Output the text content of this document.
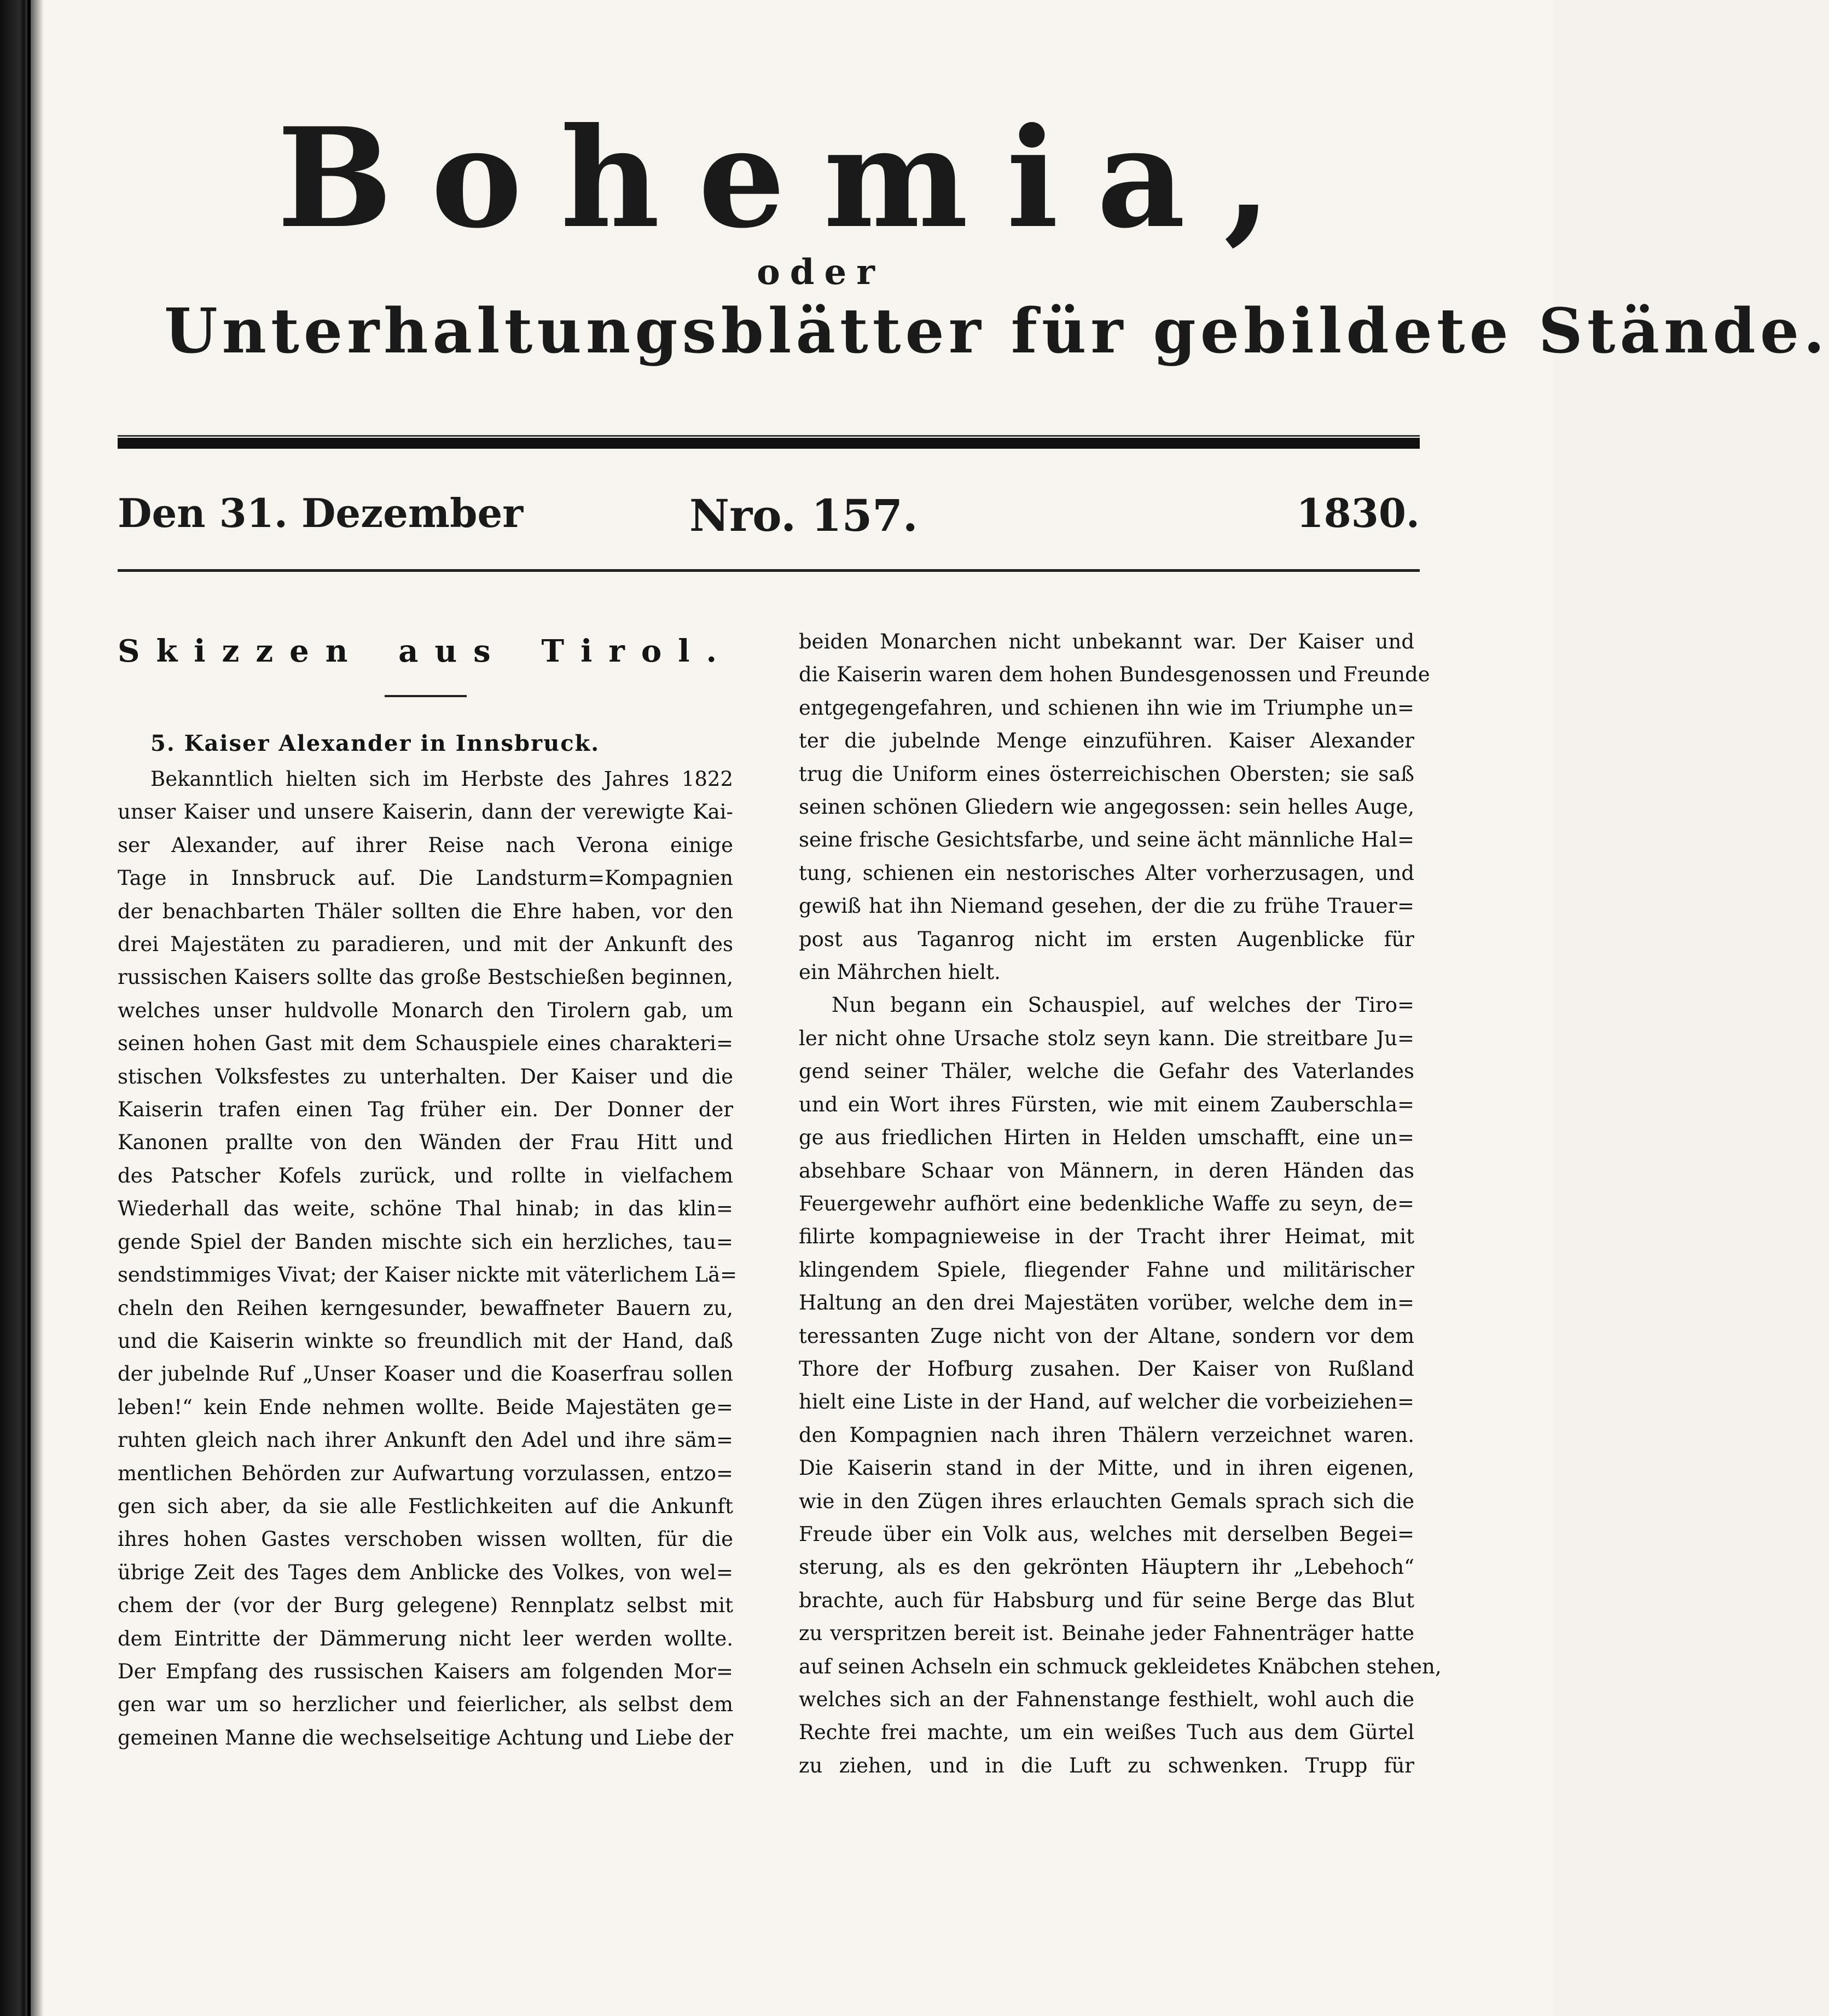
Bohemia,
oder
Unterhaltungsblätter für gebildete Stände.
Den 31. Dezember	Nro. 157.	1830.
Skizzen aus Tirol.
5. Kaiser Alexander in Innsbruck.
Bekanntlich hielten sich im Herbste des Jahres 1822
unser Kaiser und unsere Kaiserin, dann der verewigte Kai-
ser Alexander, auf ihrer Reise nach Verona einige
Tage in Innsbruck auf. Die Landsturm=Kompagnien
der benachbarten Thäler sollten die Ehre haben, vor den
drei Majestäten zu paradieren, und mit der Ankunft des
russischen Kaisers sollte das große Bestschießen beginnen,
welches unser huldvolle Monarch den Tirolern gab, um
seinen hohen Gast mit dem Schauspiele eines charakteri=
stischen Volksfestes zu unterhalten. Der Kaiser und die
Kaiserin trafen einen Tag früher ein. Der Donner der
Kanonen prallte von den Wänden der Frau Hitt und
des Patscher Kofels zurück, und rollte in vielfachem
Wiederhall das weite, schöne Thal hinab; in das klin=
gende Spiel der Banden mischte sich ein herzliches, tau=
sendstimmiges Vivat; der Kaiser nickte mit väterlichem Lä=
cheln den Reihen kerngesunder, bewaffneter Bauern zu,
und die Kaiserin winkte so freundlich mit der Hand, daß
der jubelnde Ruf „Unser Koaser und die Koaserfrau sollen
leben!“ kein Ende nehmen wollte. Beide Majestäten ge=
ruhten gleich nach ihrer Ankunft den Adel und ihre säm=
mentlichen Behörden zur Aufwartung vorzulassen, entzo=
gen sich aber, da sie alle Festlichkeiten auf die Ankunft
ihres hohen Gastes verschoben wissen wollten, für die
übrige Zeit des Tages dem Anblicke des Volkes, von wel=
chem der (vor der Burg gelegene) Rennplatz selbst mit
dem Eintritte der Dämmerung nicht leer werden wollte.
Der Empfang des russischen Kaisers am folgenden Mor=
gen war um so herzlicher und feierlicher, als selbst dem
gemeinen Manne die wechselseitige Achtung und Liebe der
beiden Monarchen nicht unbekannt war. Der Kaiser und
die Kaiserin waren dem hohen Bundesgenossen und Freunde
entgegengefahren, und schienen ihn wie im Triumphe un=
ter die jubelnde Menge einzuführen. Kaiser Alexander
trug die Uniform eines österreichischen Obersten; sie saß
seinen schönen Gliedern wie angegossen: sein helles Auge,
seine frische Gesichtsfarbe, und seine ächt männliche Hal=
tung, schienen ein nestorisches Alter vorherzusagen, und
gewiß hat ihn Niemand gesehen, der die zu frühe Trauer=
post aus Taganrog nicht im ersten Augenblicke für
ein Mährchen hielt.
Nun begann ein Schauspiel, auf welches der Tiro=
ler nicht ohne Ursache stolz seyn kann. Die streitbare Ju=
gend seiner Thäler, welche die Gefahr des Vaterlandes
und ein Wort ihres Fürsten, wie mit einem Zauberschla=
ge aus friedlichen Hirten in Helden umschafft, eine un=
absehbare Schaar von Männern, in deren Händen das
Feuergewehr aufhört eine bedenkliche Waffe zu seyn, de=
filirte kompagnieweise in der Tracht ihrer Heimat, mit
klingendem Spiele, fliegender Fahne und militärischer
Haltung an den drei Majestäten vorüber, welche dem in=
teressanten Zuge nicht von der Altane, sondern vor dem
Thore der Hofburg zusahen. Der Kaiser von Rußland
hielt eine Liste in der Hand, auf welcher die vorbeiziehen=
den Kompagnien nach ihren Thälern verzeichnet waren.
Die Kaiserin stand in der Mitte, und in ihren eigenen,
wie in den Zügen ihres erlauchten Gemals sprach sich die
Freude über ein Volk aus, welches mit derselben Begei=
sterung, als es den gekrönten Häuptern ihr „Lebehoch“
brachte, auch für Habsburg und für seine Berge das Blut
zu verspritzen bereit ist. Beinahe jeder Fahnenträger hatte
auf seinen Achseln ein schmuck gekleidetes Knäbchen stehen,
welches sich an der Fahnenstange festhielt, wohl auch die
Rechte frei machte, um ein weißes Tuch aus dem Gürtel
zu ziehen, und in die Luft zu schwenken. Trupp für
